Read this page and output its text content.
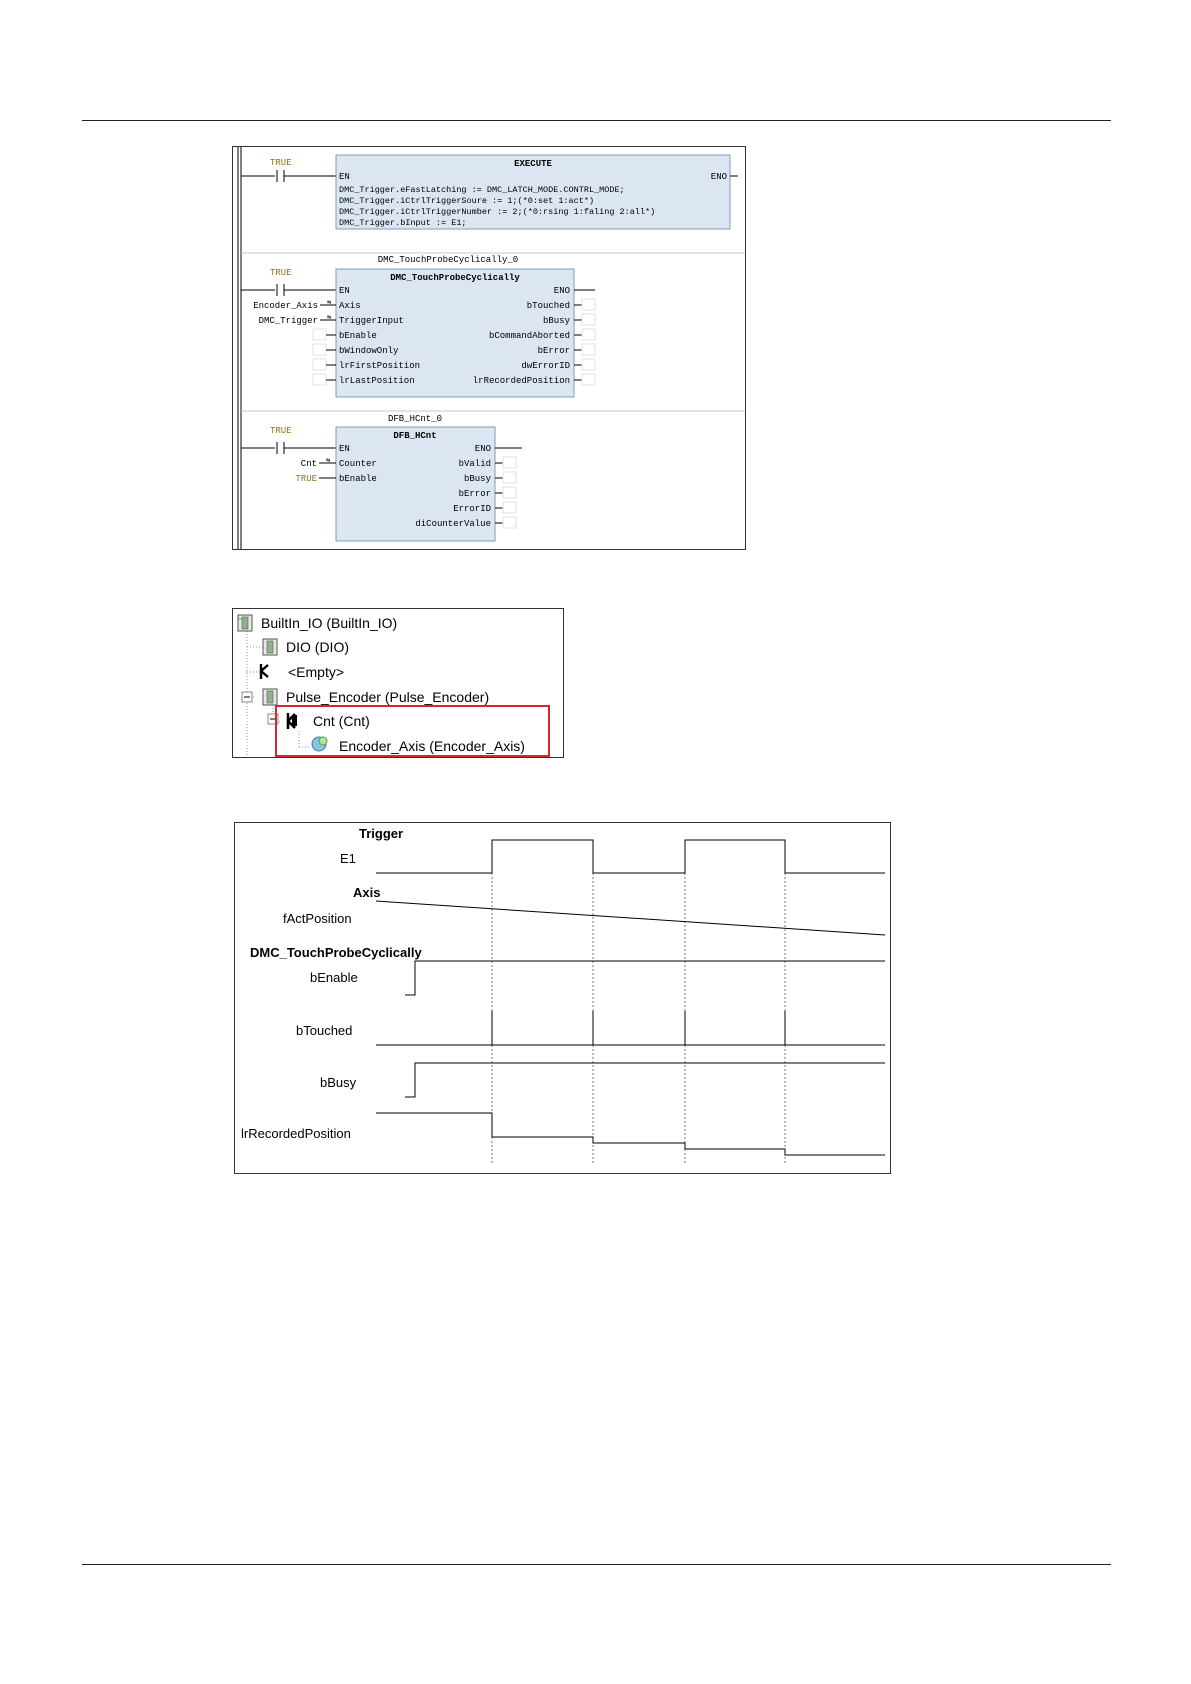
TRUE	EXECUTE
EN	ENO
DMC_Trigger.eFastLatching := DMC_LATCH_MODE.CONTRL_MODE;
DMC_Trigger.iCtrlTriggerSoure := 1;(*0:set 1:act*)
DMC_Trigger.iCtrlTriggerNumber := 2;(*0:rsing 1:faling 2:all*)
DMC_Trigger.bInput := E1;
DMC_TouchProbeCyclically_0
TRUE	DMC_TouchProbeCyclically
EN
Axis
TriggerInput
bEnable
bWindowOnly
lrFirstPosition
lrLastPosition
ENO
bTouched
bBusy
bCommandAborted
bError
dwErrorID
lrRecordedPosition
Encoder_Axis
DMC_Trigger
⇆
⇆
DFB_HCnt_0
TRUE	DFB_HCnt
EN
Counter
bEnable
ENO
bValid
bBusy
bError
ErrorID
diCounterValue
Cnt
TRUE
⇆
BuiltIn_IO (BuiltIn_IO)
DIO (DIO)
<Empty>
Pulse_Encoder (Pulse_Encoder)
Cnt (Cnt)
Encoder_Axis (Encoder_Axis)
Trigger
E1
Axis
fActPosition
DMC_TouchProbeCyclically
bEnable
bTouched
bBusy
lrRecordedPosition
